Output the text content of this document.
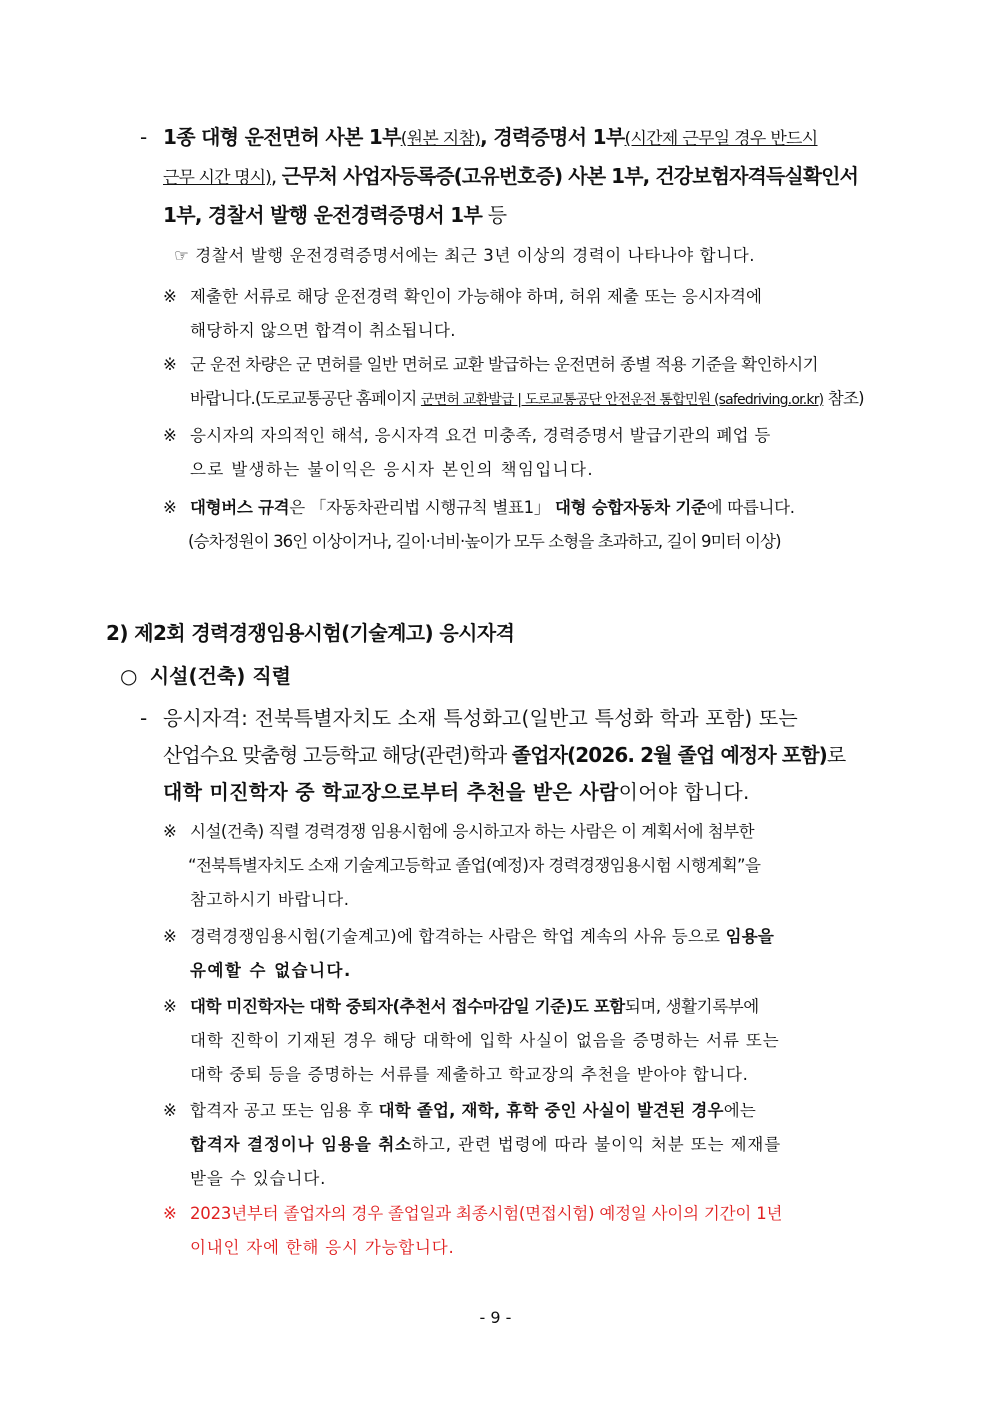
- 1종 대형 운전면허 사본 1부(원본 지참), 경력증명서 1부(시간제 근무일 경우 반드시
근무 시간 명시), 근무처 사업자등록증(고유번호증) 사본 1부, 건강보험자격득실확인서
1부, 경찰서 발행 운전경력증명서 1부 등
☞ 경찰서 발행 운전경력증명서에는 최근 3년 이상의 경력이 나타나야 합니다.
※ 제출한 서류로 해당 운전경력 확인이 가능해야 하며, 허위 제출 또는 응시자격에
해당하지 않으면 합격이 취소됩니다.
※ 군 운전 차량은 군 면허를 일반 면허로 교환 발급하는 운전면허 종별 적용 기준을 확인하시기
바랍니다.(도로교통공단 홈페이지 군면허 교환발급 | 도로교통공단 안전운전 통합민원 (safedriving.or.kr) 참조)
※ 응시자의 자의적인 해석, 응시자격 요건 미충족, 경력증명서 발급기관의 폐업 등
으로 발생하는 불이익은 응시자 본인의 책임입니다.
※ 대형버스 규격은 「자동차관리법 시행규칙 별표1」 대형 승합자동차 기준에 따릅니다.
(승차정원이 36인 이상이거나, 길이·너비·높이가 모두 소형을 초과하고, 길이 9미터 이상)
2) 제2회 경력경쟁임용시험(기술계고) 응시자격
○ 시설(건축) 직렬
- 응시자격: 전북특별자치도 소재 특성화고(일반고 특성화 학과 포함) 또는
산업수요 맞춤형 고등학교 해당(관련)학과 졸업자(2026. 2월 졸업 예정자 포함)로
대학 미진학자 중 학교장으로부터 추천을 받은 사람이어야 합니다.
※ 시설(건축) 직렬 경력경쟁 임용시험에 응시하고자 하는 사람은 이 계획서에 첨부한
“전북특별자치도 소재 기술계고등학교 졸업(예정)자 경력경쟁임용시험 시행계획”을
참고하시기 바랍니다.
※ 경력경쟁임용시험(기술계고)에 합격하는 사람은 학업 계속의 사유 등으로 임용을
유예할 수 없습니다.
※ 대학 미진학자는 대학 중퇴자(추천서 접수마감일 기준)도 포함되며, 생활기록부에
대학 진학이 기재된 경우 해당 대학에 입학 사실이 없음을 증명하는 서류 또는
대학 중퇴 등을 증명하는 서류를 제출하고 학교장의 추천을 받아야 합니다.
※ 합격자 공고 또는 임용 후 대학 졸업, 재학, 휴학 중인 사실이 발견된 경우에는
합격자 결정이나 임용을 취소하고, 관련 법령에 따라 불이익 처분 또는 제재를
받을 수 있습니다.
※ 2023년부터 졸업자의 경우 졸업일과 최종시험(면접시험) 예정일 사이의 기간이 1년
이내인 자에 한해 응시 가능합니다.
- 9 -
